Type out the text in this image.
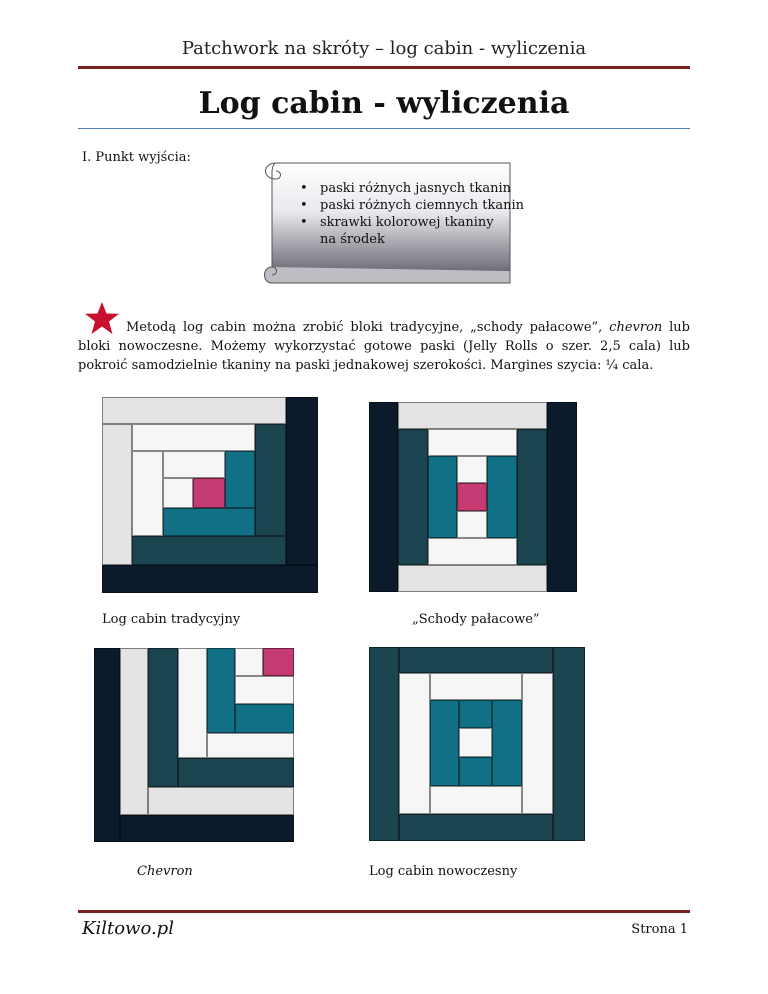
Patchwork na skróty – log cabin - wyliczenia
Log cabin - wyliczenia
I. Punkt wyjścia:
• paski różnych jasnych tkanin
• paski różnych ciemnych tkanin
• skrawki kolorowej tkaniny
na środek

Metodą log cabin można zrobić bloki tradycyjne, „schody pałacowe”, chevron lub bloki nowoczesne. Możemy wykorzystać gotowe paski (Jelly Rolls o szer. 2,5 cala) lub pokroić samodzielnie tkaniny na paski jednakowej szerokości. Margines szycia: ¼ cala.

Log cabin tradycyjny	„Schody pałacowe”
Chevron	Log cabin nowoczesny
Kiltowo.pl	Strona 1
